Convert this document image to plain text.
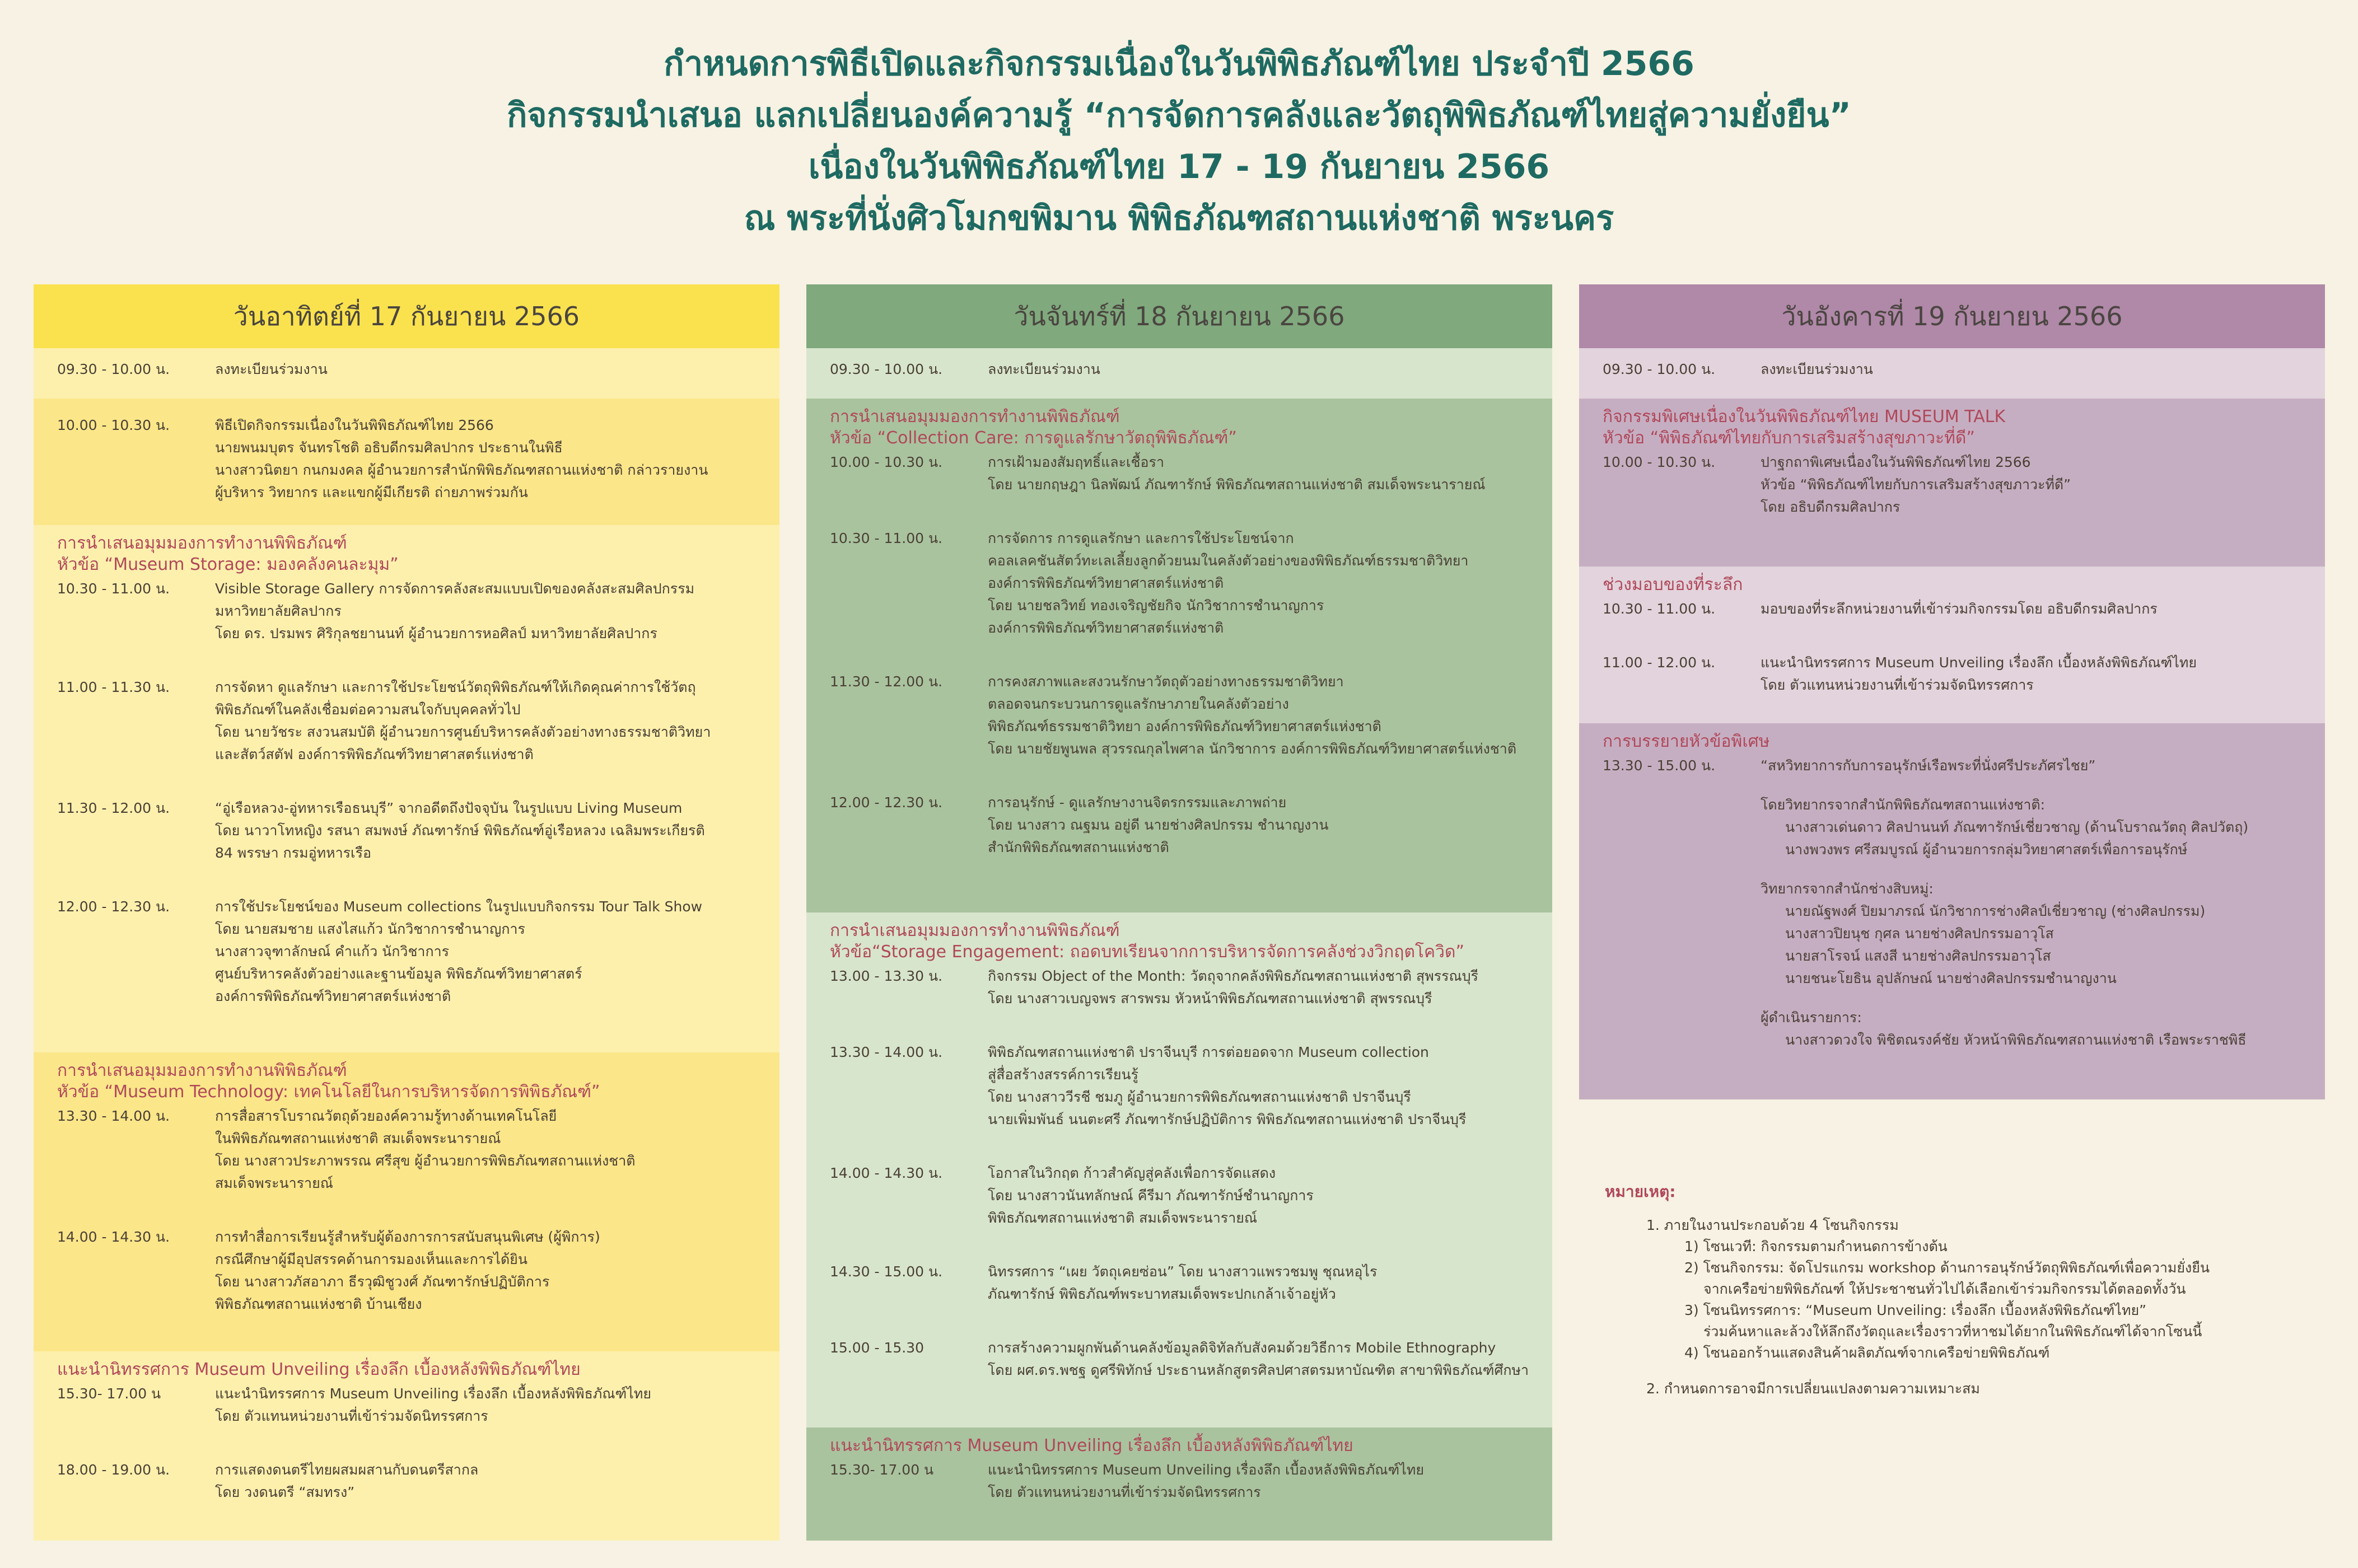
กำหนดการพิธีเปิดและกิจกรรมเนื่องในวันพิพิธภัณฑ์ไทย ประจำปี 2566
กิจกรรมนำเสนอ แลกเปลี่ยนองค์ความรู้ “การจัดการคลังและวัตถุพิพิธภัณฑ์ไทยสู่ความยั่งยืน”
เนื่องในวันพิพิธภัณฑ์ไทย 17 - 19 กันยายน 2566
ณ พระที่นั่งศิวโมกขพิมาน พิพิธภัณฑสถานแห่งชาติ พระนคร
วันอาทิตย์ที่ 17 กันยายน 2566
09.30 - 10.00 น.	ลงทะเบียนร่วมงาน
10.00 - 10.30 น.	พิธีเปิดกิจกรรมเนื่องในวันพิพิธภัณฑ์ไทย 2566
นายพนมบุตร จันทรโชติ อธิบดีกรมศิลปากร ประธานในพิธี
นางสาวนิตยา กนกมงคล ผู้อำนวยการสำนักพิพิธภัณฑสถานแห่งชาติ กล่าวรายงาน
ผู้บริหาร วิทยากร และแขกผู้มีเกียรติ ถ่ายภาพร่วมกัน
การนำเสนอมุมมองการทำงานพิพิธภัณฑ์
หัวข้อ “Museum Storage: มองคลังคนละมุม”
10.30 - 11.00 น.	Visible Storage Gallery การจัดการคลังสะสมแบบเปิดของคลังสะสมศิลปกรรม
มหาวิทยาลัยศิลปากร
โดย ดร. ปรมพร ศิริกุลชยานนท์ ผู้อำนวยการหอศิลป์ มหาวิทยาลัยศิลปากร
11.00 - 11.30 น.	การจัดหา ดูแลรักษา และการใช้ประโยชน์วัตถุพิพิธภัณฑ์ให้เกิดคุณค่าการใช้วัตถุ
พิพิธภัณฑ์ในคลังเชื่อมต่อความสนใจกับบุคคลทั่วไป
โดย นายวัชระ สงวนสมบัติ ผู้อำนวยการศูนย์บริหารคลังตัวอย่างทางธรรมชาติวิทยา
และสัตว์สตัฟ องค์การพิพิธภัณฑ์วิทยาศาสตร์แห่งชาติ
11.30 - 12.00 น.	“อู่เรือหลวง-อู่ทหารเรือธนบุรี” จากอดีตถึงปัจจุบัน ในรูปแบบ Living Museum
โดย นาวาโทหญิง รสนา สมพงษ์ ภัณฑารักษ์ พิพิธภัณฑ์อู่เรือหลวง เฉลิมพระเกียรติ
84 พรรษา กรมอู่ทหารเรือ
12.00 - 12.30 น.	การใช้ประโยชน์ของ Museum collections ในรูปแบบกิจกรรม Tour Talk Show
โดย นายสมชาย แสงไสแก้ว นักวิชาการชำนาญการ
นางสาวจุฑาลักษณ์ คำแก้ว นักวิชาการ
ศูนย์บริหารคลังตัวอย่างและฐานข้อมูล พิพิธภัณฑ์วิทยาศาสตร์
องค์การพิพิธภัณฑ์วิทยาศาสตร์แห่งชาติ
การนำเสนอมุมมองการทำงานพิพิธภัณฑ์
หัวข้อ “Museum Technology: เทคโนโลยีในการบริหารจัดการพิพิธภัณฑ์”
13.30 - 14.00 น.	การสื่อสารโบราณวัตถุด้วยองค์ความรู้ทางด้านเทคโนโลยี
ในพิพิธภัณฑสถานแห่งชาติ สมเด็จพระนารายณ์
โดย นางสาวประภาพรรณ ศรีสุข ผู้อำนวยการพิพิธภัณฑสถานแห่งชาติ
สมเด็จพระนารายณ์
14.00 - 14.30 น.	การทำสื่อการเรียนรู้สำหรับผู้ต้องการการสนับสนุนพิเศษ (ผู้พิการ)
กรณีศึกษาผู้มีอุปสรรคด้านการมองเห็นและการได้ยิน
โดย นางสาวภัสอาภา ธีรวุฒิชูวงศ์ ภัณฑารักษ์ปฏิบัติการ
พิพิธภัณฑสถานแห่งชาติ บ้านเชียง
แนะนำนิทรรศการ Museum Unveiling เรื่องลึก เบื้องหลังพิพิธภัณฑ์ไทย
15.30- 17.00 น	แนะนำนิทรรศการ Museum Unveiling เรื่องลึก เบื้องหลังพิพิธภัณฑ์ไทย
โดย ตัวแทนหน่วยงานที่เข้าร่วมจัดนิทรรศการ
18.00 - 19.00 น.	การแสดงดนตรีไทยผสมผสานกับดนตรีสากล
โดย วงดนตรี “สมทรง”
วันจันทร์ที่ 18 กันยายน 2566
09.30 - 10.00 น.	ลงทะเบียนร่วมงาน
การนำเสนอมุมมองการทำงานพิพิธภัณฑ์
หัวข้อ “Collection Care: การดูแลรักษาวัตถุพิพิธภัณฑ์”
10.00 - 10.30 น.	การเฝ้ามองสัมฤทธิ์และเชื้อรา
โดย นายกฤษฎา นิลพัฒน์ ภัณฑารักษ์ พิพิธภัณฑสถานแห่งชาติ สมเด็จพระนารายณ์
10.30 - 11.00 น.	การจัดการ การดูแลรักษา และการใช้ประโยชน์จาก
คอลเลคชันสัตว์ทะเลเลี้ยงลูกด้วยนมในคลังตัวอย่างของพิพิธภัณฑ์ธรรมชาติวิทยา
องค์การพิพิธภัณฑ์วิทยาศาสตร์แห่งชาติ
โดย นายชลวิทย์ ทองเจริญชัยกิจ นักวิชาการชำนาญการ
องค์การพิพิธภัณฑ์วิทยาศาสตร์แห่งชาติ
11.30 - 12.00 น.	การคงสภาพและสงวนรักษาวัตถุตัวอย่างทางธรรมชาติวิทยา
ตลอดจนกระบวนการดูแลรักษาภายในคลังตัวอย่าง
พิพิธภัณฑ์ธรรมชาติวิทยา องค์การพิพิธภัณฑ์วิทยาศาสตร์แห่งชาติ
โดย นายชัยพูนพล สุวรรณกุลไพศาล นักวิชาการ องค์การพิพิธภัณฑ์วิทยาศาสตร์แห่งชาติ
12.00 - 12.30 น.	การอนุรักษ์ - ดูแลรักษางานจิตรกรรมและภาพถ่าย
โดย นางสาว ณฐมน อยู่ดี นายช่างศิลปกรรม ชำนาญงาน
สำนักพิพิธภัณฑสถานแห่งชาติ
การนำเสนอมุมมองการทำงานพิพิธภัณฑ์
หัวข้อ“Storage Engagement: ถอดบทเรียนจากการบริหารจัดการคลังช่วงวิกฤตโควิด”
13.00 - 13.30 น.	กิจกรรม Object of the Month: วัตถุจากคลังพิพิธภัณฑสถานแห่งชาติ สุพรรณบุรี
โดย นางสาวเบญจพร สารพรม หัวหน้าพิพิธภัณฑสถานแห่งชาติ สุพรรณบุรี
13.30 - 14.00 น.	พิพิธภัณฑสถานแห่งชาติ ปราจีนบุรี การต่อยอดจาก Museum collection
สู่สื่อสร้างสรรค์การเรียนรู้
โดย นางสาววีรชี ชมภู ผู้อำนวยการพิพิธภัณฑสถานแห่งชาติ ปราจีนบุรี
นายเพิ่มพันธ์ นนตะศรี ภัณฑารักษ์ปฏิบัติการ พิพิธภัณฑสถานแห่งชาติ ปราจีนบุรี
14.00 - 14.30 น.	โอกาสในวิกฤต ก้าวสำคัญสู่คลังเพื่อการจัดแสดง
โดย นางสาวนันทลักษณ์ คีรีมา ภัณฑารักษ์ชำนาญการ
พิพิธภัณฑสถานแห่งชาติ สมเด็จพระนารายณ์
14.30 - 15.00 น.	นิทรรศการ “เผย วัตถุเคยซ่อน” โดย นางสาวแพรวชมพู ชุณหอุไร
ภัณฑารักษ์ พิพิธภัณฑ์พระบาทสมเด็จพระปกเกล้าเจ้าอยู่หัว
15.00 - 15.30	การสร้างความผูกพันด้านคลังข้อมูลดิจิทัลกับสังคมด้วยวิธีการ Mobile Ethnography
โดย ผศ.ดร.พชฐ ดูศรีพิทักษ์ ประธานหลักสูตรศิลปศาสตรมหาบัณฑิต สาขาพิพิธภัณฑ์ศึกษา
แนะนำนิทรรศการ Museum Unveiling เรื่องลึก เบื้องหลังพิพิธภัณฑ์ไทย
15.30- 17.00 น	แนะนำนิทรรศการ Museum Unveiling เรื่องลึก เบื้องหลังพิพิธภัณฑ์ไทย
โดย ตัวแทนหน่วยงานที่เข้าร่วมจัดนิทรรศการ
วันอังคารที่ 19 กันยายน 2566
09.30 - 10.00 น.	ลงทะเบียนร่วมงาน
กิจกรรมพิเศษเนื่องในวันพิพิธภัณฑ์ไทย MUSEUM TALK
หัวข้อ “พิพิธภัณฑ์ไทยกับการเสริมสร้างสุขภาวะที่ดี”
10.00 - 10.30 น.	ปาฐกถาพิเศษเนื่องในวันพิพิธภัณฑ์ไทย 2566
หัวข้อ “พิพิธภัณฑ์ไทยกับการเสริมสร้างสุขภาวะที่ดี”
โดย อธิบดีกรมศิลปากร
ช่วงมอบของที่ระลึก
10.30 - 11.00 น.	มอบของที่ระลึกหน่วยงานที่เข้าร่วมกิจกรรมโดย อธิบดีกรมศิลปากร
11.00 - 12.00 น.	แนะนำนิทรรศการ Museum Unveiling เรื่องลึก เบื้องหลังพิพิธภัณฑ์ไทย
โดย ตัวแทนหน่วยงานที่เข้าร่วมจัดนิทรรศการ
การบรรยายหัวข้อพิเศษ
13.30 - 15.00 น.	“สหวิทยาการกับการอนุรักษ์เรือพระที่นั่งศรีประภัศรไชย”
โดยวิทยากรจากสำนักพิพิธภัณฑสถานแห่งชาติ:
นางสาวเด่นดาว ศิลปานนท์ ภัณฑารักษ์เชี่ยวชาญ (ด้านโบราณวัตถุ ศิลปวัตถุ)
นางพวงพร ศรีสมบูรณ์ ผู้อำนวยการกลุ่มวิทยาศาสตร์เพื่อการอนุรักษ์
วิทยากรจากสำนักช่างสิบหมู่:
นายณัฐพงศ์ ปิยมาภรณ์ นักวิชาการช่างศิลป์เชี่ยวชาญ (ช่างศิลปกรรม)
นางสาวปิยนุช กุศล นายช่างศิลปกรรมอาวุโส
นายสาโรจน์ แสงสี นายช่างศิลปกรรมอาวุโส
นายชนะโยธิน อุปลักษณ์ นายช่างศิลปกรรมชำนาญงาน
ผู้ดำเนินรายการ:
นางสาวดวงใจ พิชิตณรงค์ชัย หัวหน้าพิพิธภัณฑสถานแห่งชาติ เรือพระราชพิธี
หมายเหตุ:
1. ภายในงานประกอบด้วย 4 โซนกิจกรรม
1) โซนเวที: กิจกรรมตามกำหนดการข้างต้น
2) โซนกิจกรรม: จัดโปรแกรม workshop ด้านการอนุรักษ์วัตถุพิพิธภัณฑ์เพื่อความยั่งยืน
จากเครือข่ายพิพิธภัณฑ์ ให้ประชาชนทั่วไปได้เลือกเข้าร่วมกิจกรรมได้ตลอดทั้งวัน
3) โซนนิทรรศการ: “Museum Unveiling: เรื่องลึก เบื้องหลังพิพิธภัณฑ์ไทย”
ร่วมค้นหาและล้วงให้ลึกถึงวัตถุและเรื่องราวที่หาชมได้ยากในพิพิธภัณฑ์ได้จากโซนนี้
4) โซนออกร้านแสดงสินค้าผลิตภัณฑ์จากเครือข่ายพิพิธภัณฑ์
2. กำหนดการอาจมีการเปลี่ยนแปลงตามความเหมาะสม
